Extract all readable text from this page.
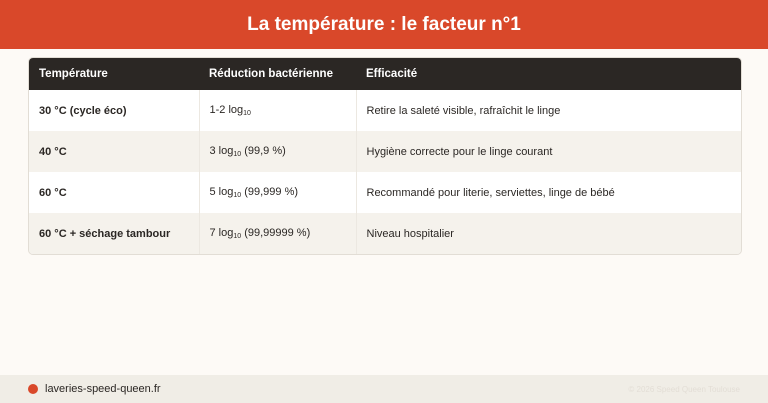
La température : le facteur n°1
Température	Réduction bactérienne	Efficacité
30 °C (cycle éco)	1-2 $\log_{10}$	Retire la saleté visible, rafraîchit le linge
40 °C	3 $\log_{10} (99,9$ %)	Hygiène correcte pour le linge courant
60 °C	5 $\log_{10} (99,999$ %)	Recommandé pour literie, serviettes, linge de bébé
60 °C + séchage tambour	7 $\log_{10} (99,99999$ %)	Niveau hospitalier
laveries-speed-queen.fr	© 2026 Speed Queen Toulouse
